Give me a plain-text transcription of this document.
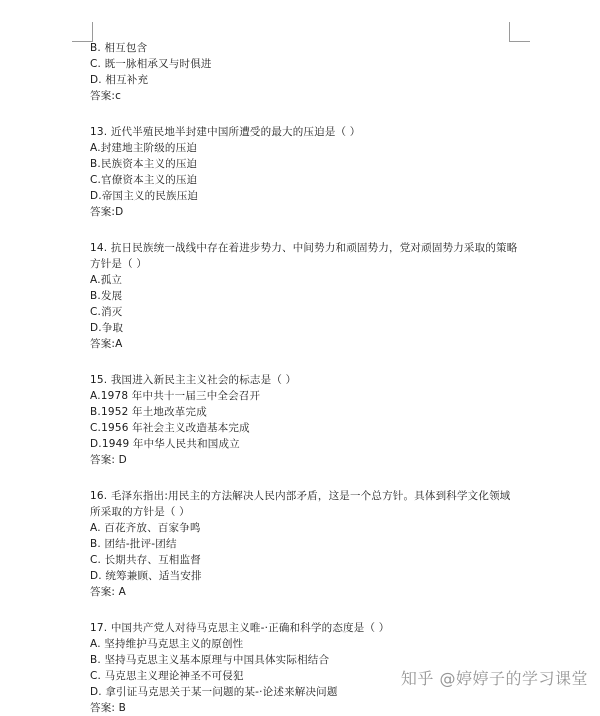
B. 相互包含
C. 既一脉相承又与时俱进
D. 相互补充
答案:c
13. 近代半殖民地半封建中国所遭受的最大的压迫是（ ）
A.封建地主阶级的压迫
B.民族资本主义的压迫
C.官僚资本主义的压迫
D.帝国主义的民族压迫
答案:D
14. 抗日民族统一战线中存在着进步势力、中间势力和顽固势力，党对顽固势力采取的策略方针是（ ）
A.孤立
B.发展
C.消灭
D.争取
答案:A
15. 我国进入新民主主义社会的标志是（ ）
A.1978 年中共十一届三中全会召开
B.1952 年土地改革完成
C.1956 年社会主义改造基本完成
D.1949 年中华人民共和国成立
答案: D
16. 毛泽东指出:用民主的方法解决人民内部矛盾，这是一个总方针。具体到科学文化领域所采取的方针是（ ）
A. 百花齐放、百家争鸣
B. 团结-批评-团结
C. 长期共存、互相监督
D. 统筹兼顾、适当安排
答案: A
17. 中国共产党人对待马克思主义唯-·正确和科学的态度是（ ）
A. 坚持维护马克思主义的原创性
B. 坚持马克思主义基本原理与中国具体实际相结合
C. 马克思主义理论神圣不可侵犯
D. 拿引证马克思关于某一问题的某-·论述来解决问题
答案: B
知乎 @婷婷子的学习课堂
